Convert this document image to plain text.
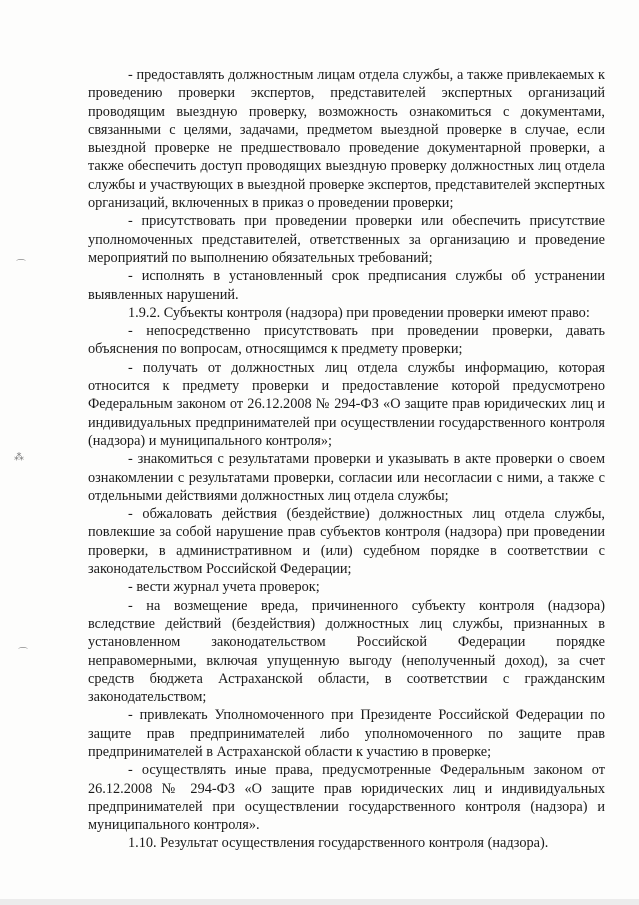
⌒
⁂
⌒

- предоставлять должностным лицам отдела службы, а также привлекаемых к проведению проверки экспертов, представителей экспертных организаций проводящим выездную проверку, возможность ознакомиться с документами, связанными с целями, задачами, предметом выездной проверке в случае, если выездной проверке не предшествовало проведение документарной проверки, а также обеспечить доступ проводящих выездную проверку должностных лиц отдела службы и участвующих в выездной проверке экспертов, представителей экспертных организаций, включенных в приказ о проведении проверки;

- присутствовать при проведении проверки или обеспечить присутствие уполномоченных представителей, ответственных за организацию и проведение мероприятий по выполнению обязательных требований;

- исполнять в установленный срок предписания службы об устранении выявленных нарушений.

1.9.2. Субъекты контроля (надзора) при проведении проверки имеют право:

- непосредственно присутствовать при проведении проверки, давать объяснения по вопросам, относящимся к предмету проверки;

- получать от должностных лиц отдела службы информацию, которая относится к предмету проверки и предоставление которой предусмотрено Федеральным законом от 26.12.2008 № 294-ФЗ «О защите прав юридических лиц и индивидуальных предпринимателей при осуществлении государственного контроля (надзора) и муниципального контроля»;

- знакомиться с результатами проверки и указывать в акте проверки о своем ознакомлении с результатами проверки, согласии или несогласии с ними, а также с отдельными действиями должностных лиц отдела службы;

- обжаловать действия (бездействие) должностных лиц отдела службы, повлекшие за собой нарушение прав субъектов контроля (надзора) при проведении проверки, в административном и (или) судебном порядке в соответствии с законодательством Российской Федерации;

- вести журнал учета проверок;

- на возмещение вреда, причиненного субъекту контроля (надзора) вследствие действий (бездействия) должностных лиц службы, признанных в установленном законодательством Российской Федерации порядке неправомерными, включая упущенную выгоду (неполученный доход), за счет средств бюджета Астраханской области, в соответствии с гражданским законодательством;

- привлекать Уполномоченного при Президенте Российской Федерации по защите прав предпринимателей либо уполномоченного по защите прав предпринимателей в Астраханской области к участию в проверке;

- осуществлять иные права, предусмотренные Федеральным законом от 26.12.2008 № 294-ФЗ «О защите прав юридических лиц и индивидуальных предпринимателей при осуществлении государственного контроля (надзора) и муниципального контроля».

1.10. Результат осуществления государственного контроля (надзора).
